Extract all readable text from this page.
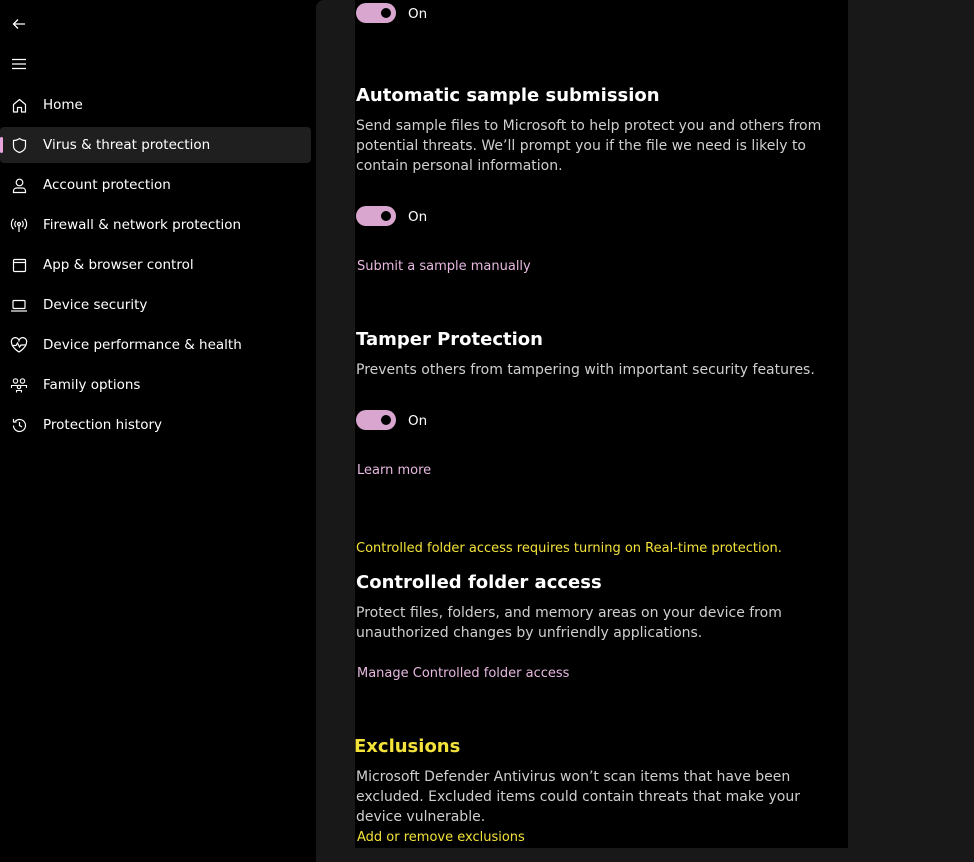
Home
Virus & threat protection
Account protection
Firewall & network protection
App & browser control
Device security
Device performance & health
Family options
Protection history
On
Automatic sample submission
Send sample files to Microsoft to help protect you and others from potential threats. We’ll prompt you if the file we need is likely to contain personal information.
On
Submit a sample manually
Tamper Protection
Prevents others from tampering with important security features.
On
Learn more
Controlled folder access requires turning on Real-time protection.
Controlled folder access
Protect files, folders, and memory areas on your device from unauthorized changes by unfriendly applications.
Manage Controlled folder access
Exclusions
Microsoft Defender Antivirus won’t scan items that have been excluded. Excluded items could contain threats that make your device vulnerable.
Add or remove exclusions
